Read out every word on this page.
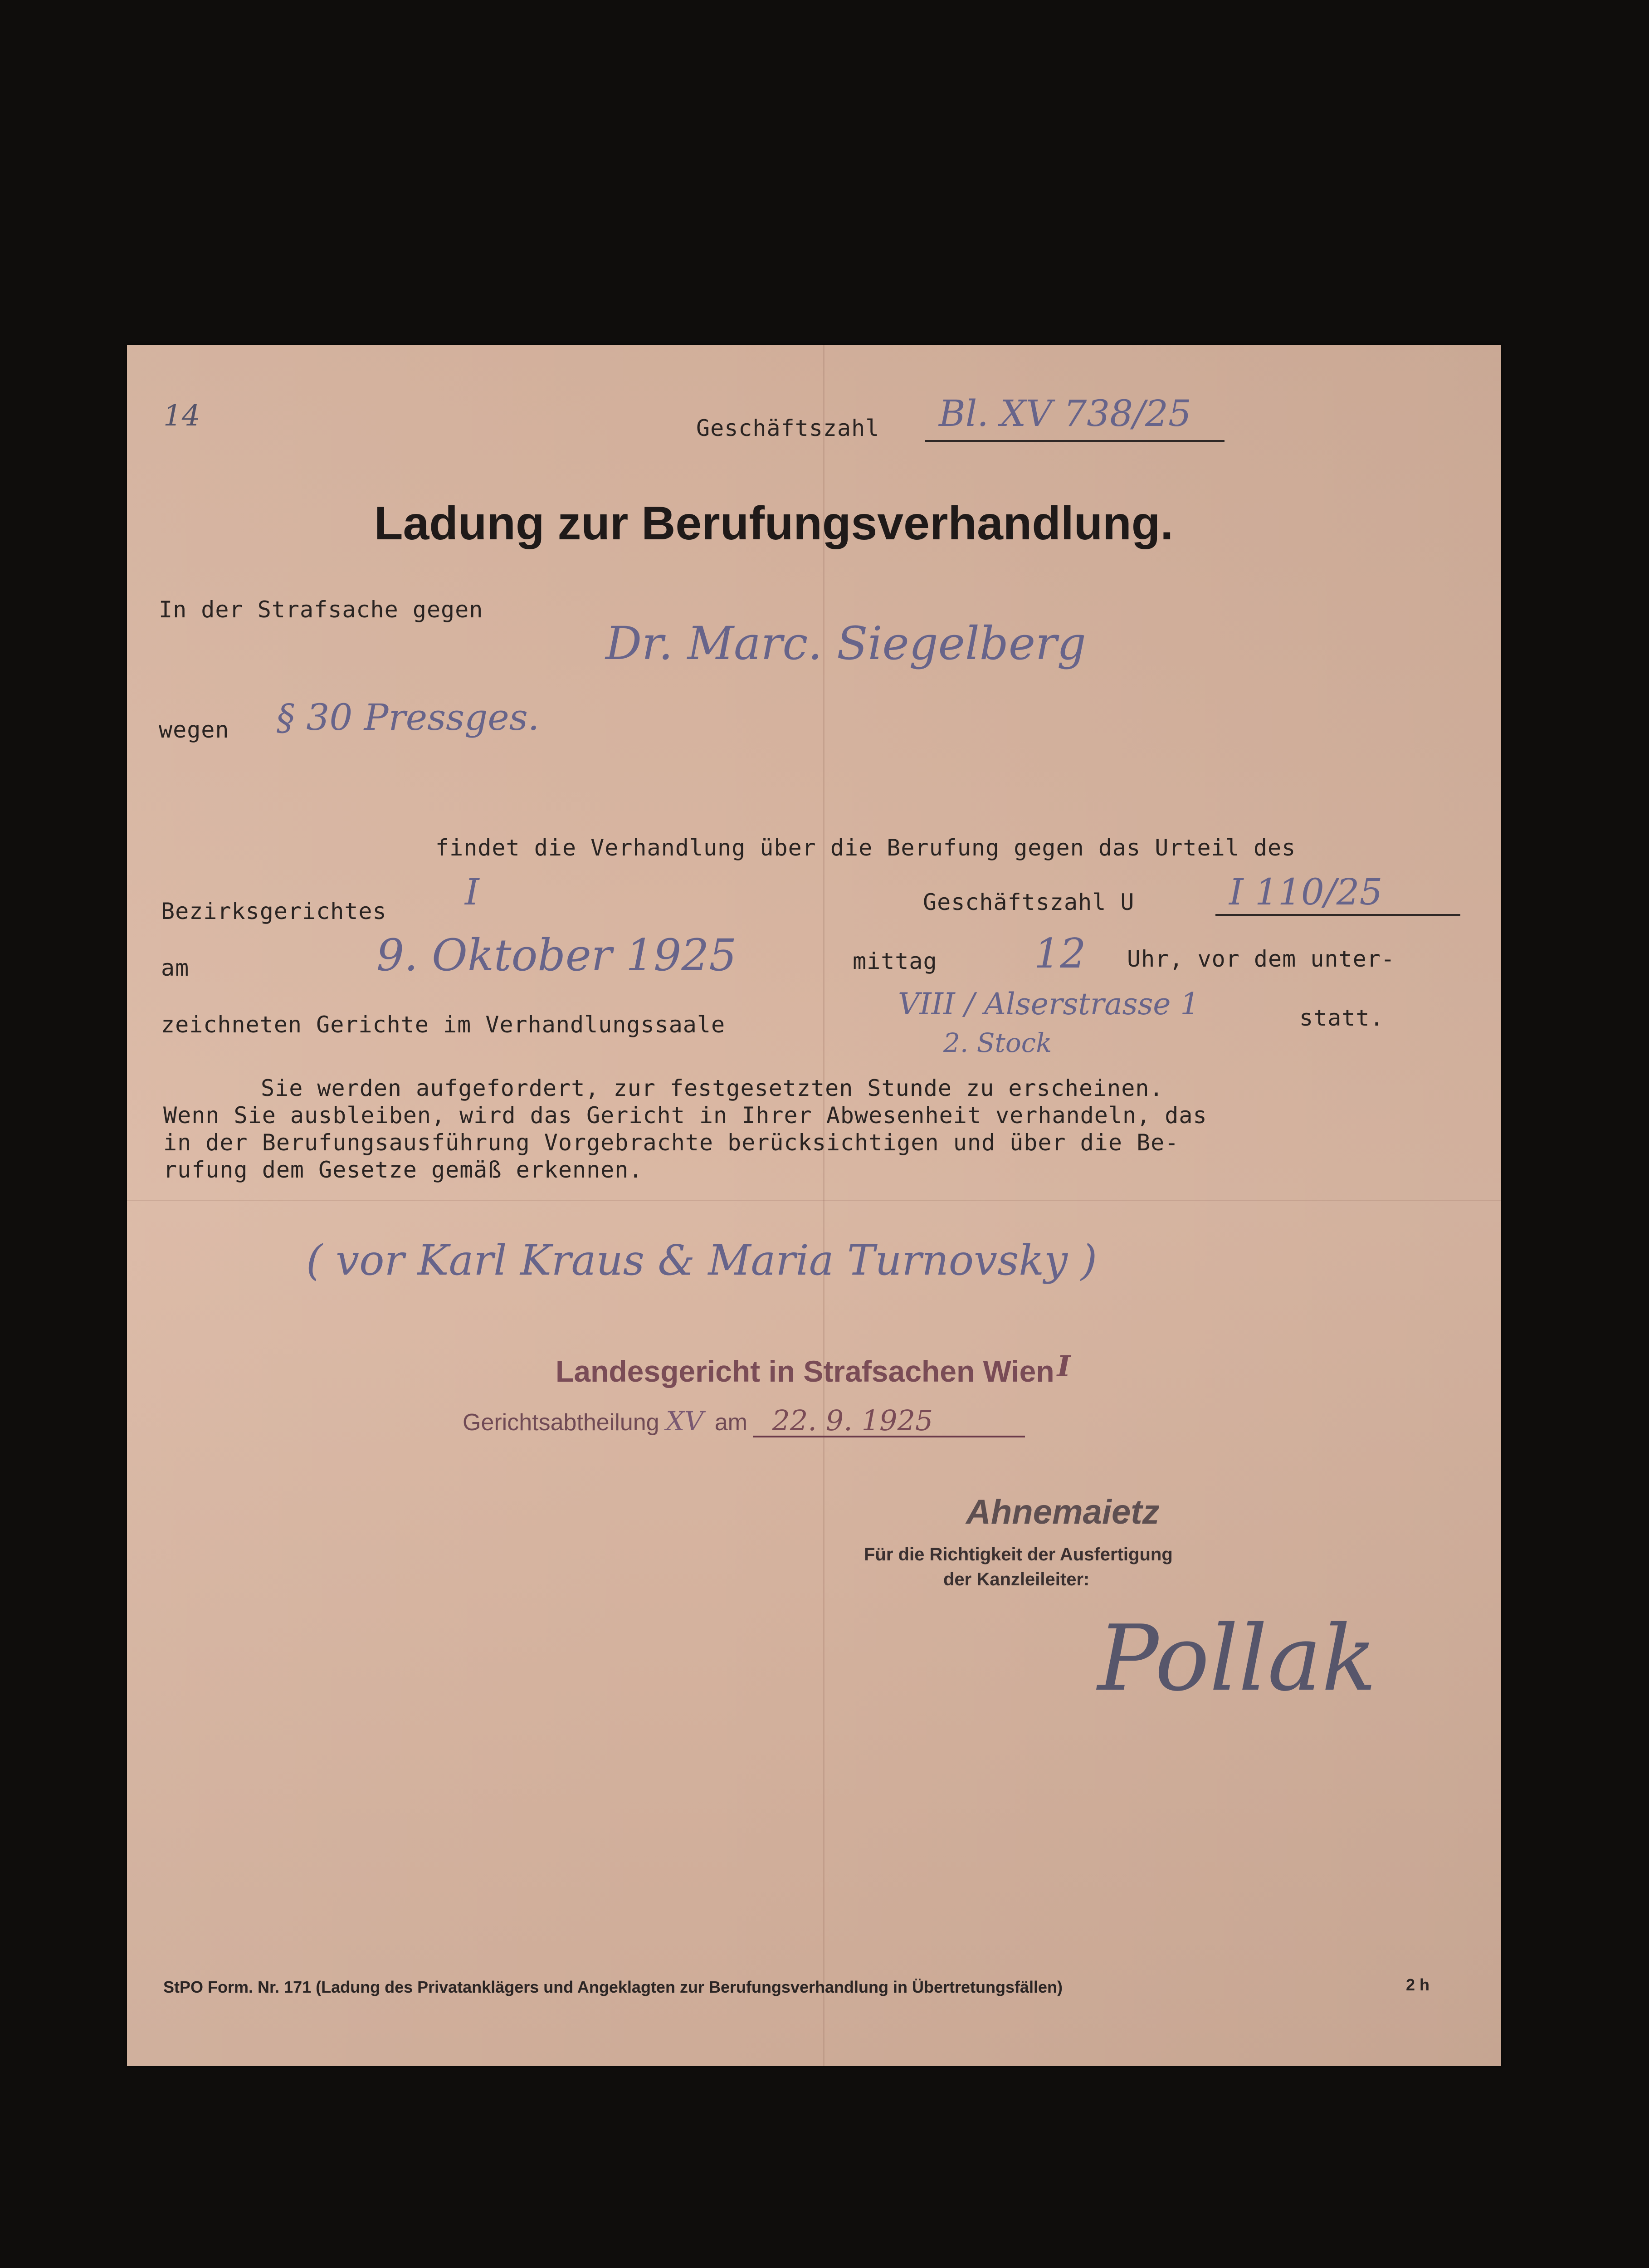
14	Geschäftszahl Bl. XV 738/25
Ladung zur Berufungsverhandlung.
In der Strafsache gegen
Dr. Marc. Siegelberg
wegen § 30 Pressges.
findet die Verhandlung über die Berufung gegen das Urteil des
Bezirksgerichtes I	Geschäftszahl U	I 110/25
am	9. Oktober 1925	mittag 12 Uhr, vor dem unter-
zeichneten Gerichte im Verhandlungssaale
VIII / Alserstrasse 1
2. Stock
statt.
Sie werden aufgefordert, zur festgesetzten Stunde zu erscheinen.
Wenn Sie ausbleiben, wird das Gericht in Ihrer Abwesenheit verhandeln, das
in der Berufungsausführung Vorgebrachte berücksichtigen und über die Be-
rufung dem Gesetze gemäß erkennen.
( vor Karl Kraus & Maria Turnovsky )
Landesgericht in Strafsachen WienI
Gerichtsabtheilung XV am 22. 9. 1925
Ahnemaietz
Für die Richtigkeit der Ausfertigung
der Kanzleileiter:
Pollak
StPO Form. Nr. 171 (Ladung des Privatanklägers und Angeklagten zur Berufungsverhandlung in Übertretungsfällen)	2 h
